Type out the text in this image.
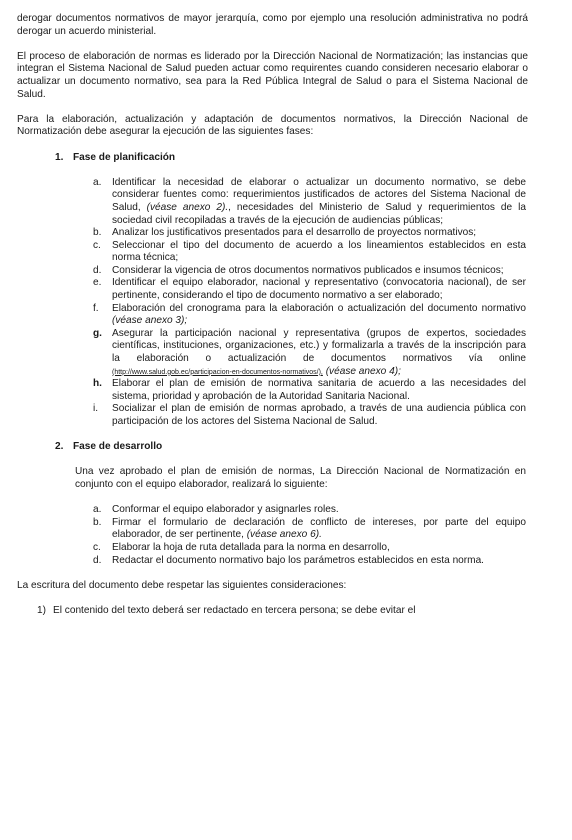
derogar documentos normativos de mayor jerarquía, como por ejemplo una resolución administrativa no podrá derogar un acuerdo ministerial.

El proceso de elaboración de normas es liderado por la Dirección Nacional de Normatización; las instancias que integran el Sistema Nacional de Salud pueden actuar como requirentes cuando consideren necesario elaborar o actualizar un documento normativo, sea para la Red Pública Integral de Salud o para el Sistema Nacional de Salud.

Para la elaboración, actualización y adaptación de documentos normativos, la Dirección Nacional de Normatización debe asegurar la ejecución de las siguientes fases:

1. Fase de planificación
a.	Identificar la necesidad de elaborar o actualizar un documento normativo, se debe considerar fuentes como: requerimientos justificados de actores del Sistema Nacional de Salud, (véase anexo 2)., necesidades del Ministerio de Salud y requerimientos de la sociedad civil recopiladas a través de la ejecución de audiencias públicas;
b.	Analizar los justificativos presentados para el desarrollo de proyectos normativos;
c.	Seleccionar el tipo del documento de acuerdo a los lineamientos establecidos en esta norma técnica;
d.	Considerar la vigencia de otros documentos normativos publicados e insumos técnicos;
e.	Identificar el equipo elaborador, nacional y representativo (convocatoria nacional), de ser pertinente, considerando el tipo de documento normativo a ser elaborado;
f.	Elaboración del cronograma para la elaboración o actualización del documento normativo (véase anexo 3);
g. Asegurar la participación nacional y representativa (grupos de expertos, sociedades científicas, instituciones, organizaciones, etc.) y formalizarla a través de la inscripción para la elaboración o actualización de documentos normativos vía online (http://www.salud.gob.ec/participacion-en-documentos-normativos/), (véase anexo 4);
h. Elaborar el plan de emisión de normativa sanitaria de acuerdo a las necesidades del sistema, prioridad y aprobación de la Autoridad Sanitaria Nacional.
i.	Socializar el plan de emisión de normas aprobado, a través de una audiencia pública con participación de los actores del Sistema Nacional de Salud.
2. Fase de desarrollo

Una vez aprobado el plan de emisión de normas, La Dirección Nacional de Normatización en conjunto con el equipo elaborador, realizará lo siguiente:

a.	Conformar el equipo elaborador y asignarles roles.
b.	Firmar el formulario de declaración de conflicto de intereses, por parte del equipo elaborador, de ser pertinente, (véase anexo 6).
c.	Elaborar la hoja de ruta detallada para la norma en desarrollo,
d.	Redactar el documento normativo bajo los parámetros establecidos en esta norma.

La escritura del documento debe respetar las siguientes consideraciones:

1) El contenido del texto deberá ser redactado en tercera persona; se debe evitar el
